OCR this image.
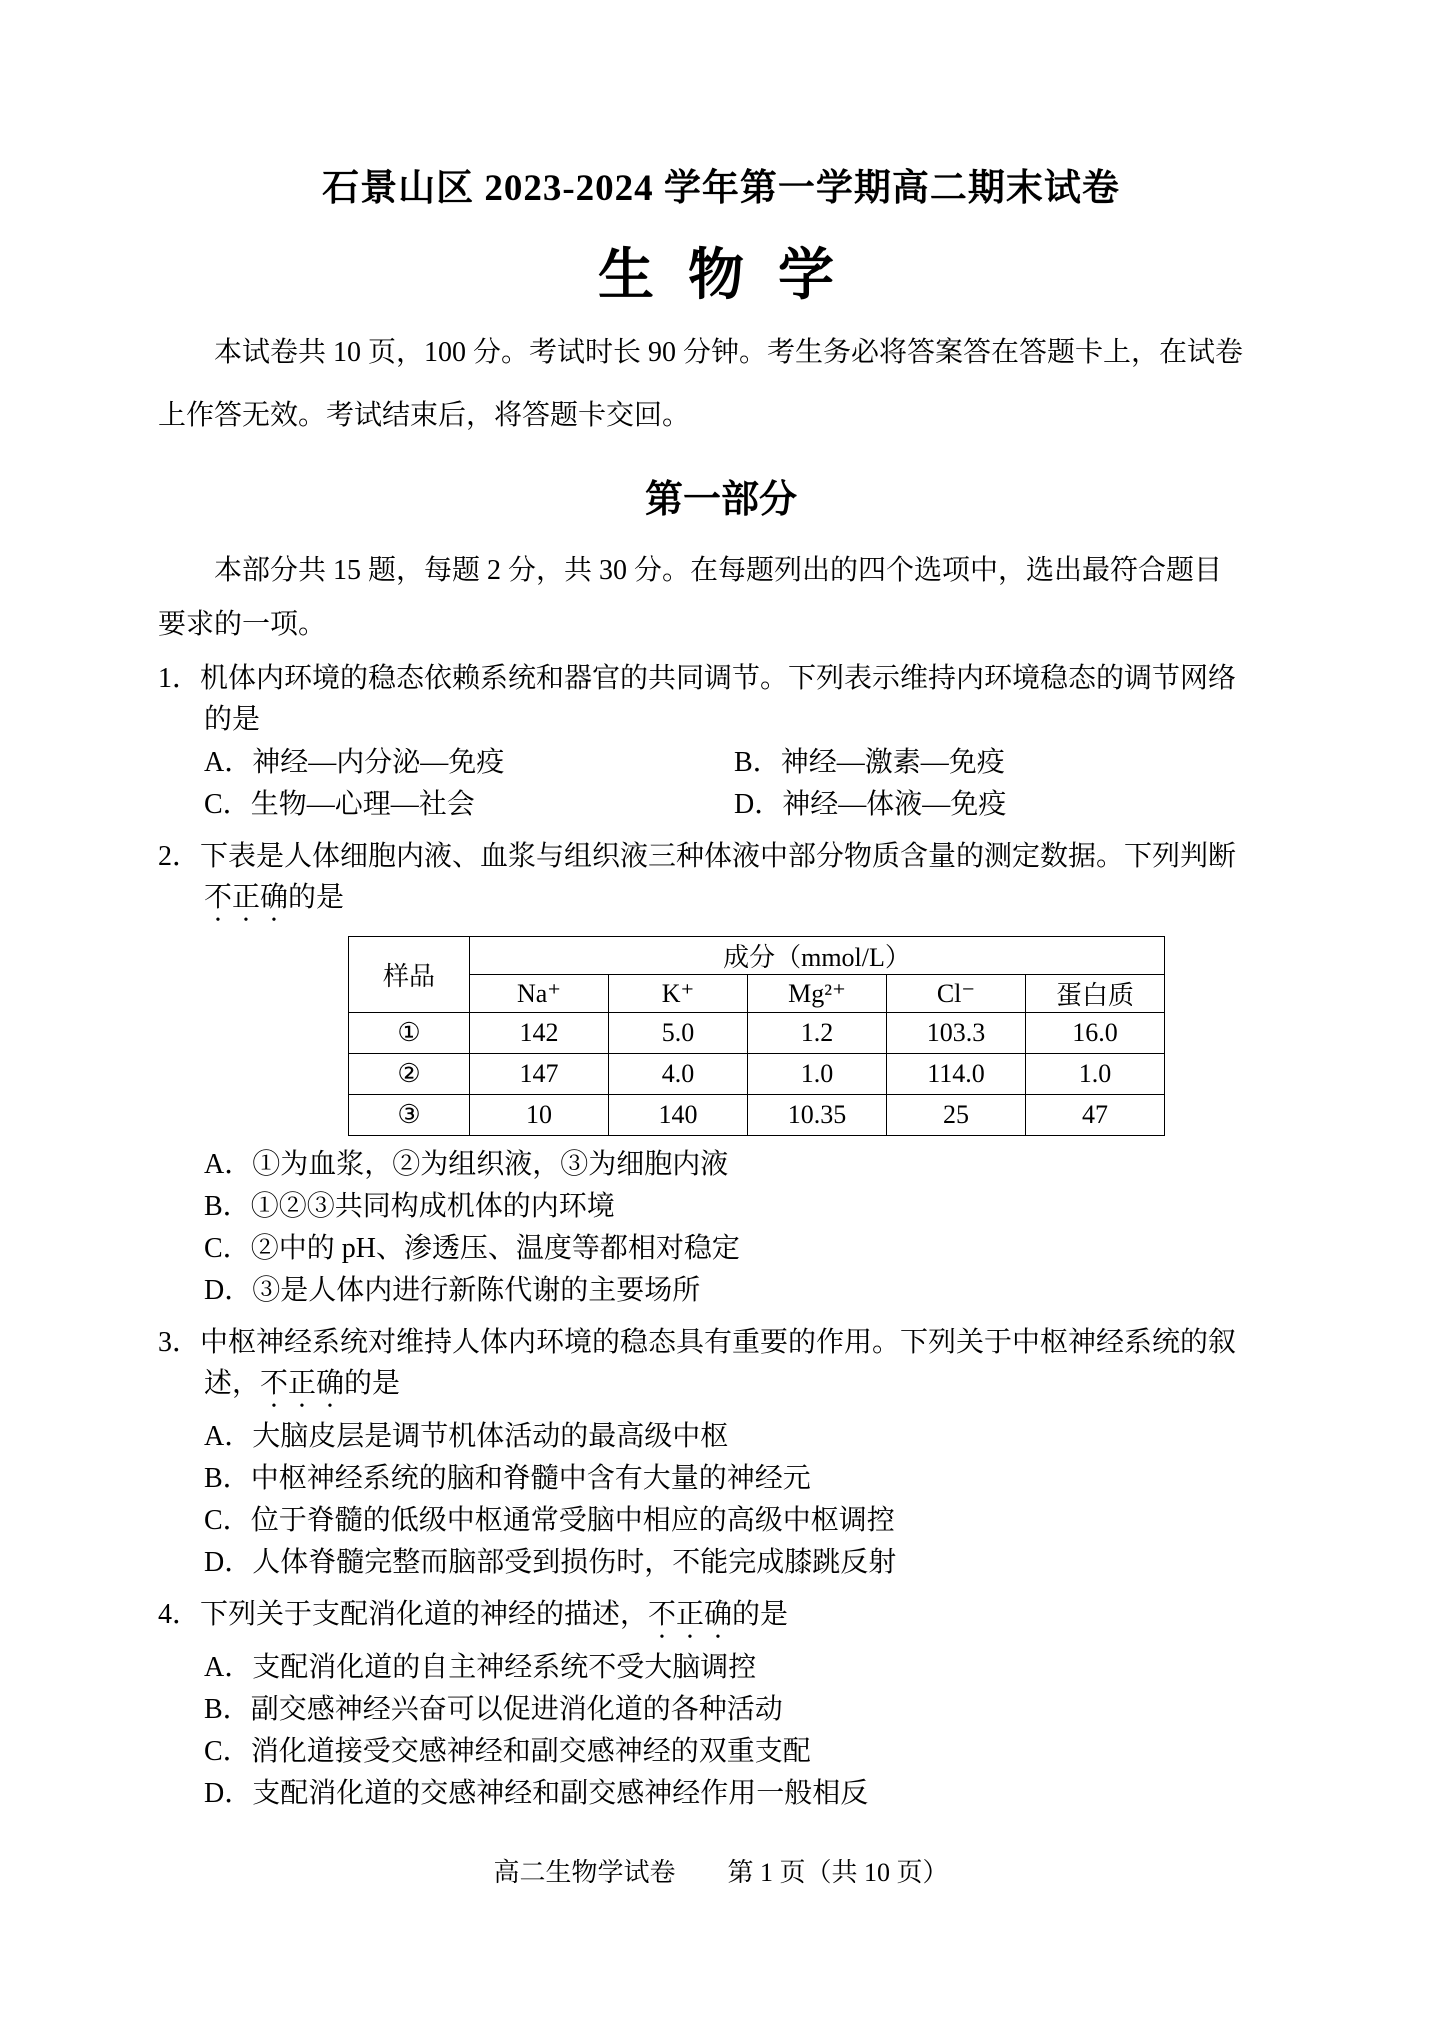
石景山区 2023-2024 学年第一学期高二期末试卷
生 物 学

本试卷共 10 页，100 分。考试时长 90 分钟。考生务必将答案答在答题卡上，在试卷

上作答无效。考试结束后，将答题卡交回。

第一部分

本部分共 15 题，每题 2 分，共 30 分。在每题列出的四个选项中，选出最符合题目

要求的一项。

1．机体内环境的稳态依赖系统和器官的共同调节。下列表示维持内环境稳态的调节网络
的是
A．神经—内分泌—免疫	B．神经—激素—免疫
C．生物—心理—社会	D．神经—体液—免疫
2．下表是人体细胞内液、血浆与组织液三种体液中部分物质含量的测定数据。下列判断
不正确的是
样品	成分（mmol/L）				
	Na⁺	K⁺	Mg²⁺	Cl⁻	蛋白质
①	142	5.0	1.2	103.3	16.0
②	147	4.0	1.0	114.0	1.0
③	10	140	10.35	25	47
A．①为血浆，②为组织液，③为细胞内液
B．①②③共同构成机体的内环境
C．②中的 pH、渗透压、温度等都相对稳定
D．③是人体内进行新陈代谢的主要场所
3．中枢神经系统对维持人体内环境的稳态具有重要的作用。下列关于中枢神经系统的叙
述，不正确的是
A．大脑皮层是调节机体活动的最高级中枢
B．中枢神经系统的脑和脊髓中含有大量的神经元
C．位于脊髓的低级中枢通常受脑中相应的高级中枢调控
D．人体脊髓完整而脑部受到损伤时，不能完成膝跳反射
4．下列关于支配消化道的神经的描述，不正确的是
A．支配消化道的自主神经系统不受大脑调控
B．副交感神经兴奋可以促进消化道的各种活动
C．消化道接受交感神经和副交感神经的双重支配
D．支配消化道的交感神经和副交感神经作用一般相反
高二生物学试卷　　第 1 页（共 10 页）
